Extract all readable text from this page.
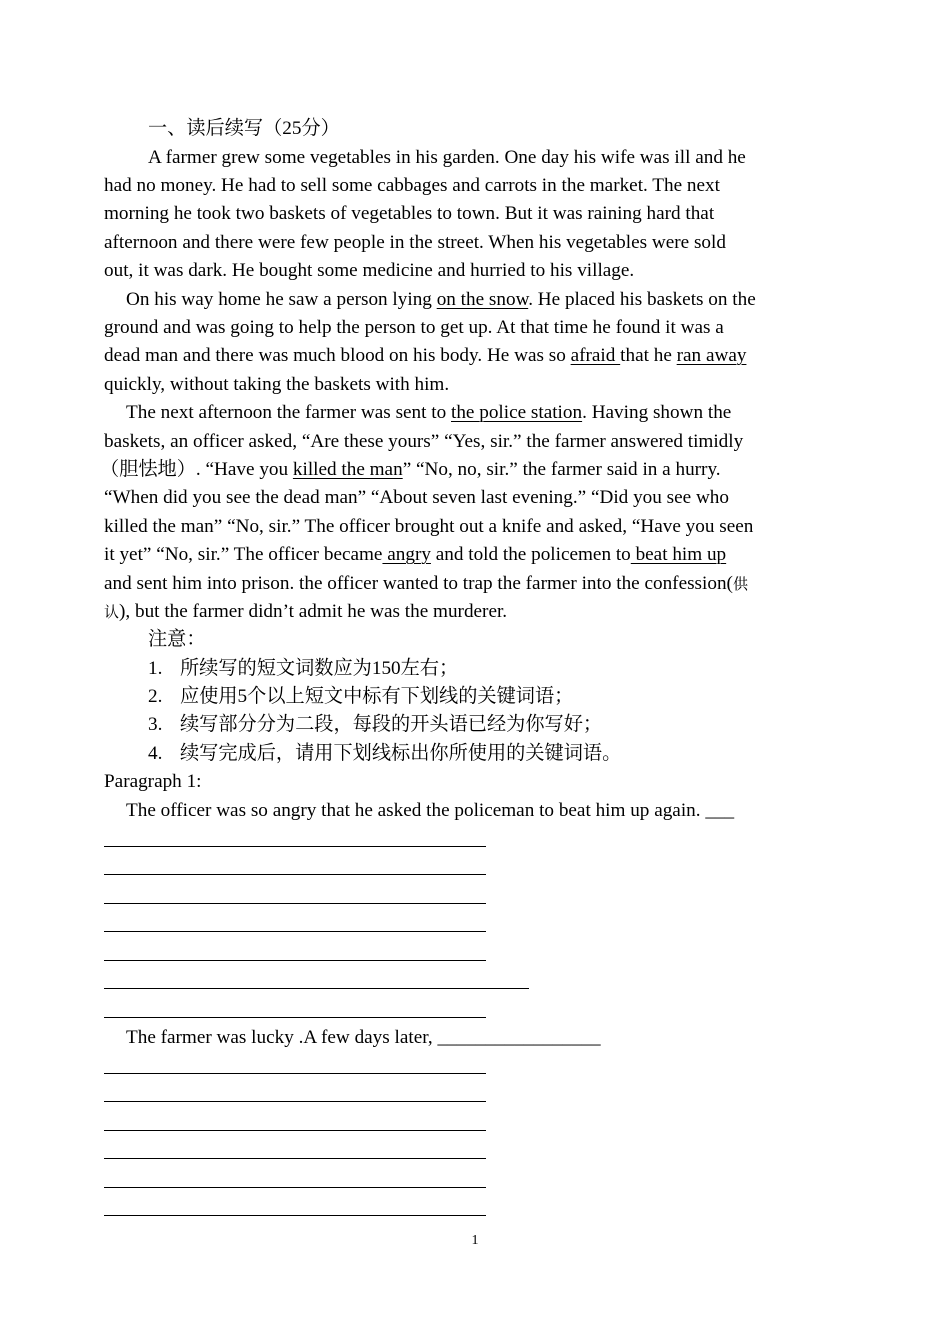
一、读后续写（25分）
A farmer grew some vegetables in his garden. One day his wife was ill and he
had no money. He had to sell some cabbages and carrots in the market. The next
morning he took two baskets of vegetables to town. But it was raining hard that
afternoon and there were few people in the street. When his vegetables were sold
out, it was dark. He bought some medicine and hurried to his village.
On his way home he saw a person lying on the snow. He placed his baskets on the
ground and was going to help the person to get up. At that time he found it was a
dead man and there was much blood on his body. He was so afraid that he ran away
quickly, without taking the baskets with him.
The next afternoon the farmer was sent to the police station. Having shown the
baskets, an officer asked, “Are these yours” “Yes, sir.” the farmer answered timidly
（胆怯地）. “Have you killed the man” “No, no, sir.” the farmer said in a hurry.
“When did you see the dead man” “About seven last evening.” “Did you see who
killed the man” “No, sir.” The officer brought out a knife and asked, “Have you seen
it yet” “No, sir.” The officer became angry and told the policemen to beat him up
and sent him into prison. the officer wanted to trap the farmer into the confession(供
认), but the farmer didn’t admit he was the murderer.
注意：
1. 所续写的短文词数应为150左右；
2. 应使用5个以上短文中标有下划线的关键词语；
3. 续写部分分为二段，每段的开头语已经为你写好；
4. 续写完成后，请用下划线标出你所使用的关键词语。
Paragraph 1:
The officer was so angry that he asked the policeman to beat him up again. ___
The farmer was lucky .A few days later, _________________
1
